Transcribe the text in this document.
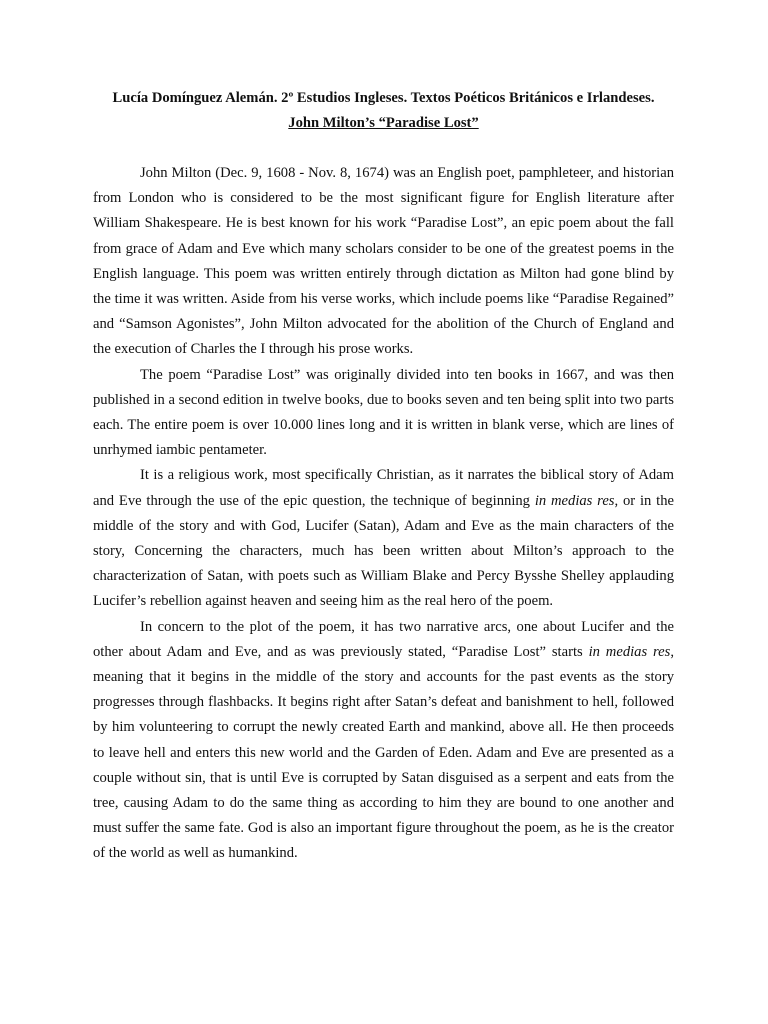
Lucía Domínguez Alemán. 2º Estudios Ingleses. Textos Poéticos Británicos e Irlandeses.

John Milton’s “Paradise Lost”

John Milton (Dec. 9, 1608 - Nov. 8, 1674) was an English poet, pamphleteer, and historian from London who is considered to be the most significant figure for English literature after William Shakespeare. He is best known for his work “Paradise Lost”, an epic poem about the fall from grace of Adam and Eve which many scholars consider to be one of the greatest poems in the English language. This poem was written entirely through dictation as Milton had gone blind by the time it was written. Aside from his verse works, which include poems like “Paradise Regained” and “Samson Agonistes”, John Milton advocated for the abolition of the Church of England and the execution of Charles the I through his prose works.

The poem “Paradise Lost” was originally divided into ten books in 1667, and was then published in a second edition in twelve books, due to books seven and ten being split into two parts each. The entire poem is over 10.000 lines long and it is written in blank verse, which are lines of unrhymed iambic pentameter.

It is a religious work, most specifically Christian, as it narrates the biblical story of Adam and Eve through the use of the epic question, the technique of beginning in medias res, or in the middle of the story and with God, Lucifer (Satan), Adam and Eve as the main characters of the story, Concerning the characters, much has been written about Milton’s approach to the characterization of Satan, with poets such as William Blake and Percy Bysshe Shelley applauding Lucifer’s rebellion against heaven and seeing him as the real hero of the poem.

In concern to the plot of the poem, it has two narrative arcs, one about Lucifer and the other about Adam and Eve, and as was previously stated, “Paradise Lost” starts in medias res, meaning that it begins in the middle of the story and accounts for the past events as the story progresses through flashbacks. It begins right after Satan’s defeat and banishment to hell, followed by him volunteering to corrupt the newly created Earth and mankind, above all. He then proceeds to leave hell and enters this new world and the Garden of Eden. Adam and Eve are presented as a couple without sin, that is until Eve is corrupted by Satan disguised as a serpent and eats from the tree, causing Adam to do the same thing as according to him they are bound to one another and must suffer the same fate. God is also an important figure throughout the poem, as he is the creator of the world as well as humankind.
